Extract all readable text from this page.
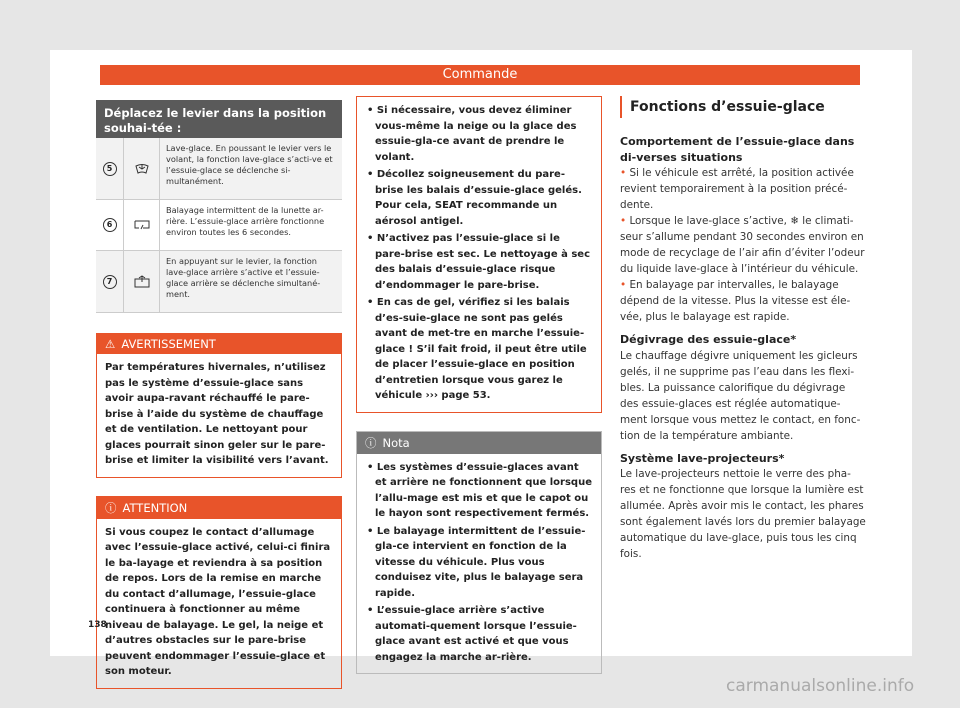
Commande
Déplacez le levier dans la position souhai-tée :
5
Lave-glace. En poussant le levier vers le volant, la fonction lave-glace s’acti-ve et l’essuie-glace se déclenche si-multanément.
6
Balayage intermittent de la lunette ar-rière. L’essuie-glace arrière fonctionne environ toutes les 6 secondes.
7
En appuyant sur le levier, la fonction lave-glace arrière s’active et l’essuie-glace arrière se déclenche simultané-ment.
⚠ AVERTISSEMENT
Par températures hivernales, n’utilisez pas le système d’essuie-glace sans avoir aupa-ravant réchauffé le pare-brise à l’aide du système de chauffage et de ventilation. Le nettoyant pour glaces pourrait sinon geler sur le pare-brise et limiter la visibilité vers l’avant.
ⓘ ATTENTION
Si vous coupez le contact d’allumage avec l’essuie-glace activé, celui-ci finira le ba-layage et reviendra à sa position de repos. Lors de la remise en marche du contact d’allumage, l’essuie-glace continuera à fonctionner au même niveau de balayage. Le gel, la neige et d’autres obstacles sur le pare-brise peuvent endommager l’essuie-glace et son moteur.

• Si nécessaire, vous devez éliminer vous-même la neige ou la glace des essuie-gla-ce avant de prendre le volant.

• Décollez soigneusement du pare-brise les balais d’essuie-glace gelés. Pour cela, SEAT recommande un aérosol antigel.

• N’activez pas l’essuie-glace si le pare-brise est sec. Le nettoyage à sec des balais d’essuie-glace risque d’endommager le pare-brise.

• En cas de gel, vérifiez si les balais d’es-suie-glace ne sont pas gelés avant de met-tre en marche l’essuie-glace ! S’il fait froid, il peut être utile de placer l’essuie-glace en position d’entretien lorsque vous garez le véhicule ››› page 53.

ⓘ Nota

• Les systèmes d’essuie-glaces avant et arrière ne fonctionnent que lorsque l’allu-mage est mis et que le capot ou le hayon sont respectivement fermés.

• Le balayage intermittent de l’essuie-gla-ce intervient en fonction de la vitesse du véhicule. Plus vous conduisez vite, plus le balayage sera rapide.

• L’essuie-glace arrière s’active automati-quement lorsque l’essuie-glace avant est activé et que vous engagez la marche ar-rière.

Fonctions d’essuie-glace
Comportement de l’essuie-glace dans di-verses situations

• Si le véhicule est arrêté, la position activée revient temporairement à la position précé-dente.

• Lorsque le lave-glace s’active, ❄ le climati-seur s’allume pendant 30 secondes environ en mode de recyclage de l’air afin d’éviter l’odeur du liquide lave-glace à l’intérieur du véhicule.

• En balayage par intervalles, le balayage dépend de la vitesse. Plus la vitesse est éle-vée, plus le balayage est rapide.

Dégivrage des essuie-glace*

Le chauffage dégivre uniquement les gicleurs gelés, il ne supprime pas l’eau dans les flexi-bles. La puissance calorifique du dégivrage des essuie-glaces est réglée automatique-ment lorsque vous mettez le contact, en fonc-tion de la température ambiante.

Système lave-projecteurs*

Le lave-projecteurs nettoie le verre des pha-res et ne fonctionne que lorsque la lumière est allumée. Après avoir mis le contact, les phares sont également lavés lors du premier balayage automatique du lave-glace, puis tous les cinq fois.

138
carmanualsonline.info
